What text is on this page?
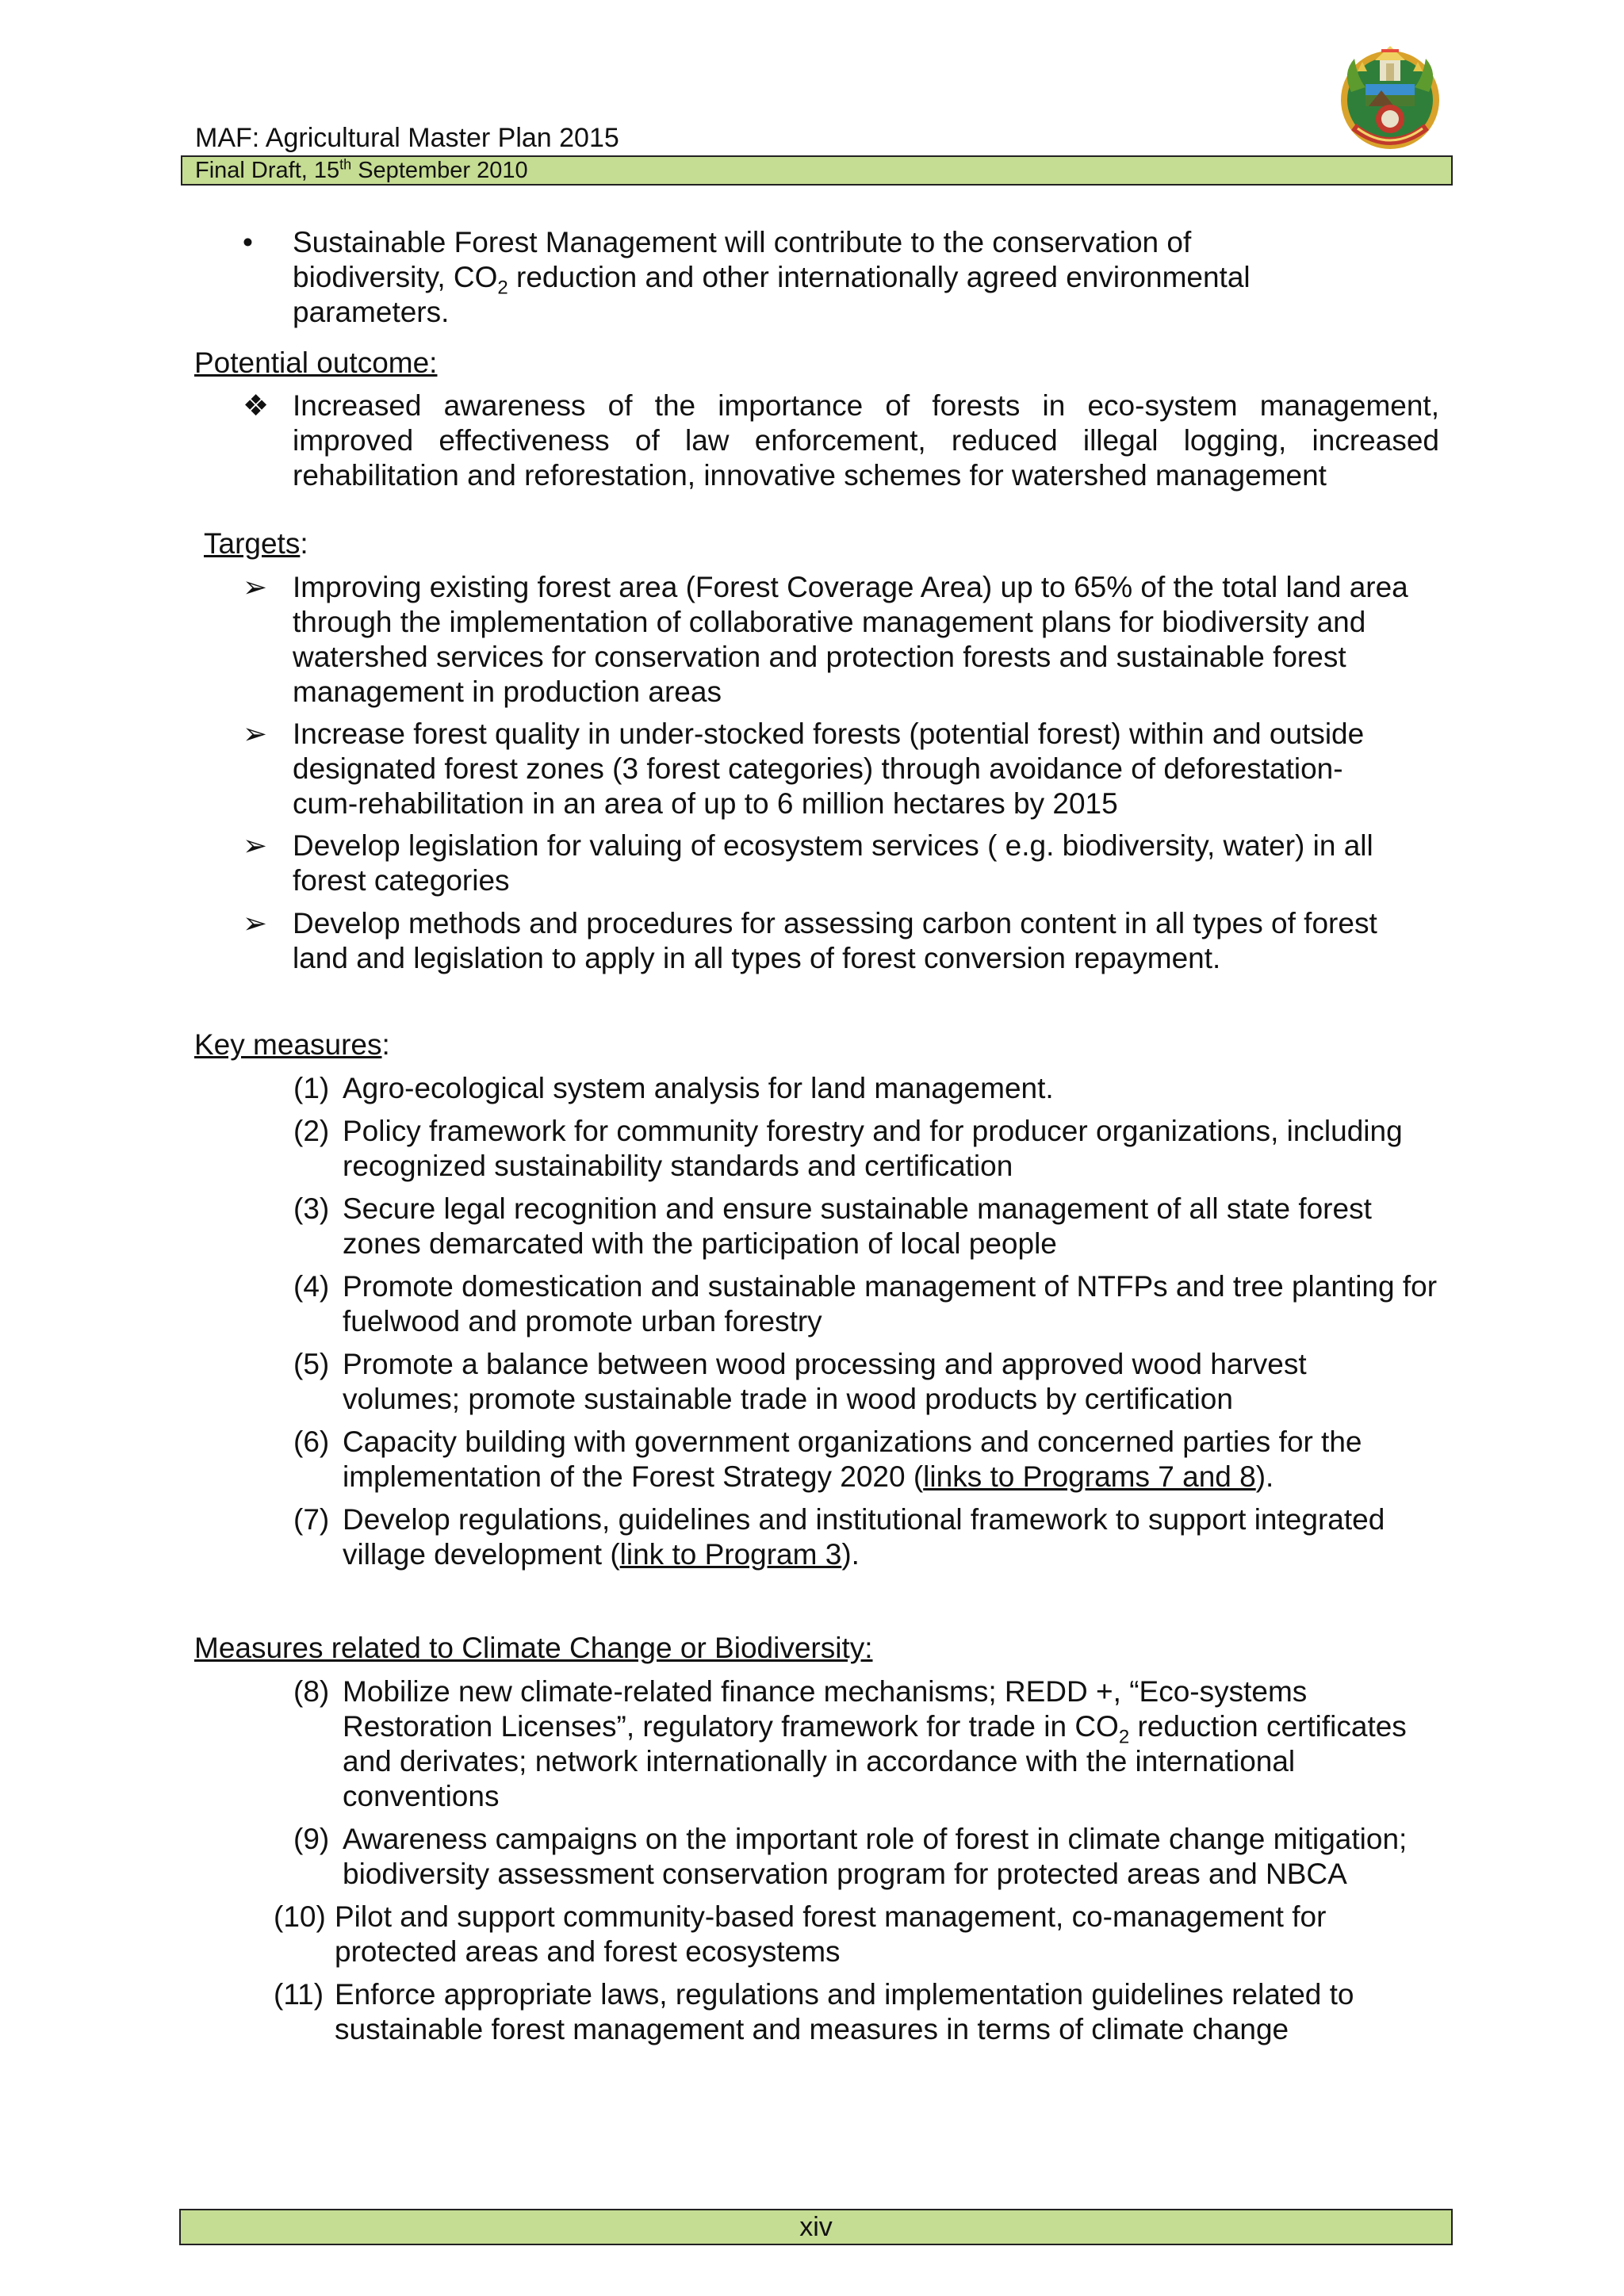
MAF: Agricultural Master Plan 2015
Final Draft, 15th September 2010
• Sustainable Forest Management will contribute to the conservation of biodiversity, $CO_2$ reduction and other internationally agreed environmental parameters.
Potential outcome:
❖ Increased awareness of the importance of forests in eco-system management,
improved effectiveness of law enforcement, reduced illegal logging, increased
rehabilitation and reforestation, innovative schemes for watershed management
Targets:
➢ Improving existing forest area (Forest Coverage Area) up to 65% of the total land area through the implementation of collaborative management plans for biodiversity and watershed services for conservation and protection forests and sustainable forest management in production areas
➢ Increase forest quality in under-stocked forests (potential forest) within and outside designated forest zones (3 forest categories) through avoidance of deforestation-cum-rehabilitation in an area of up to 6 million hectares by 2015
➢ Develop legislation for valuing of ecosystem services ( e.g. biodiversity, water) in all forest categories
➢ Develop methods and procedures for assessing carbon content in all types of forest land and legislation to apply in all types of forest conversion repayment.
Key measures:
(1) Agro-ecological system analysis for land management.
(2) Policy framework for community forestry and for producer organizations, including recognized sustainability standards and certification
(3) Secure legal recognition and ensure sustainable management of all state forest zones demarcated with the participation of local people
(4) Promote domestication and sustainable management of NTFPs and tree planting for fuelwood and promote urban forestry
(5) Promote a balance between wood processing and approved wood harvest volumes; promote sustainable trade in wood products by certification
(6) Capacity building with government organizations and concerned parties for the implementation of the Forest Strategy 2020 (links to Programs 7 and 8).
(7) Develop regulations, guidelines and institutional framework to support integrated village development (link to Program 3).
Measures related to Climate Change or Biodiversity:
(8) Mobilize new climate-related finance mechanisms; REDD +, “Eco-systems Restoration Licenses”, regulatory framework for trade in $CO_2$ reduction certificates and derivates; network internationally in accordance with the international conventions
(9) Awareness campaigns on the important role of forest in climate change mitigation; biodiversity assessment conservation program for protected areas and NBCA
(10) Pilot and support community-based forest management, co-management for protected areas and forest ecosystems
(11) Enforce appropriate laws, regulations and implementation guidelines related to sustainable forest management and measures in terms of climate change
xiv
